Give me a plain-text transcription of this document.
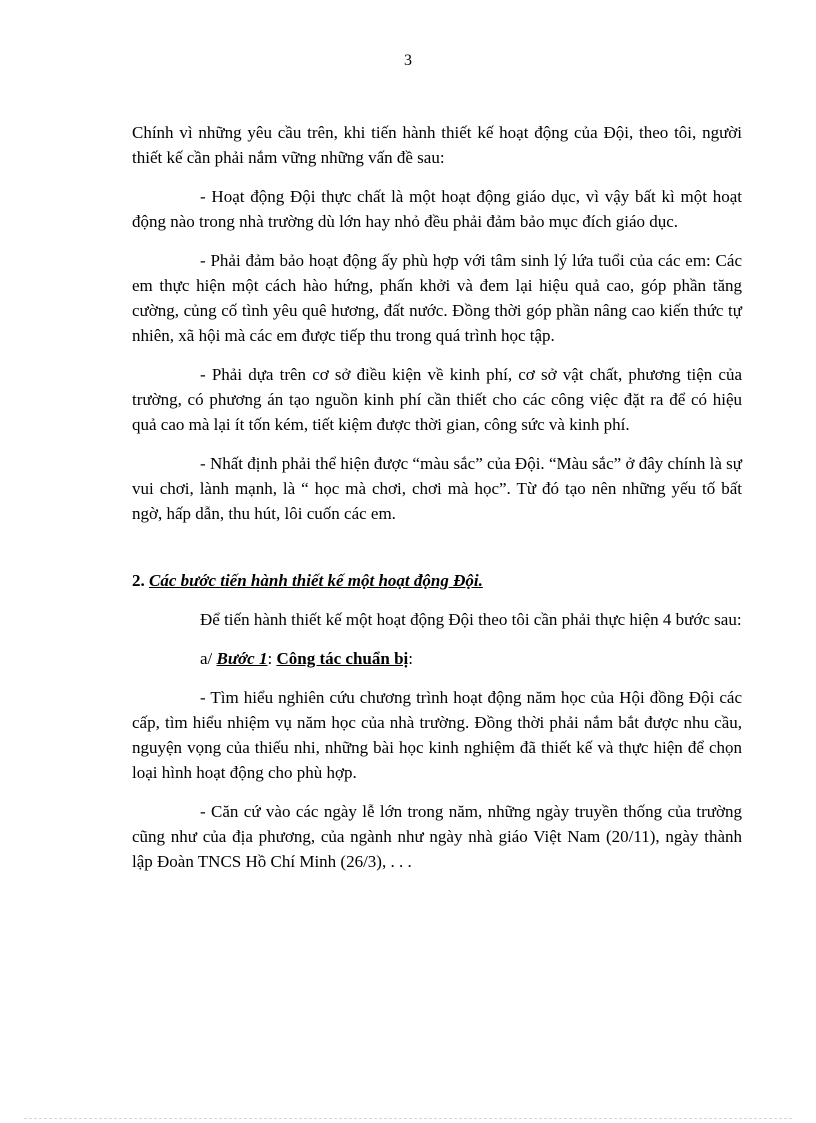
3

Chính vì những yêu cầu trên, khi tiến hành thiết kế hoạt động của Đội, theo tôi, người thiết kế cần phải nắm vững những vấn đề sau:

- Hoạt động Đội thực chất là một hoạt động giáo dục, vì vậy bất kì một hoạt động nào trong nhà trường dù lớn hay nhỏ đều phải đảm bảo mục đích giáo dục.

- Phải đảm bảo hoạt động ấy phù hợp với tâm sinh lý lứa tuổi của các em: Các em thực hiện một cách hào hứng, phấn khởi và đem lại hiệu quả cao, góp phần tăng cường, củng cố tình yêu quê hương, đất nước. Đồng thời góp phần nâng cao kiến thức tự nhiên, xã hội mà các em được tiếp thu trong quá trình học tập.

- Phải dựa trên cơ sở điều kiện về kinh phí, cơ sở vật chất, phương tiện của trường, có phương án tạo nguồn kinh phí cần thiết cho các công việc đặt ra để có hiệu quả cao mà lại ít tốn kém, tiết kiệm được thời gian, công sức và kinh phí.

- Nhất định phải thể hiện được “màu sắc” của Đội. “Màu sắc” ở đây chính là sự vui chơi, lành mạnh, là “ học mà chơi, chơi mà học”. Từ đó tạo nên những yếu tố bất ngờ, hấp dẫn, thu hút, lôi cuốn các em.

2. Các bước tiến hành thiết kế một hoạt động Đội.

Để tiến hành thiết kế một hoạt động Đội theo tôi cần phải thực hiện 4 bước sau:

a/ Bước 1: Công tác chuẩn bị:

- Tìm hiểu nghiên cứu chương trình hoạt động năm học của Hội đồng Đội các cấp, tìm hiểu nhiệm vụ năm học của nhà trường. Đồng thời phải nắm bắt được nhu cầu, nguyện vọng của thiếu nhi, những bài học kinh nghiệm đã thiết kế và thực hiện để chọn loại hình hoạt động cho phù hợp.

- Căn cứ vào các ngày lễ lớn trong năm, những ngày truyền thống của trường cũng như của địa phương, của ngành như ngày nhà giáo Việt Nam (20/11), ngày thành lập Đoàn TNCS Hồ Chí Minh (26/3), . . .
